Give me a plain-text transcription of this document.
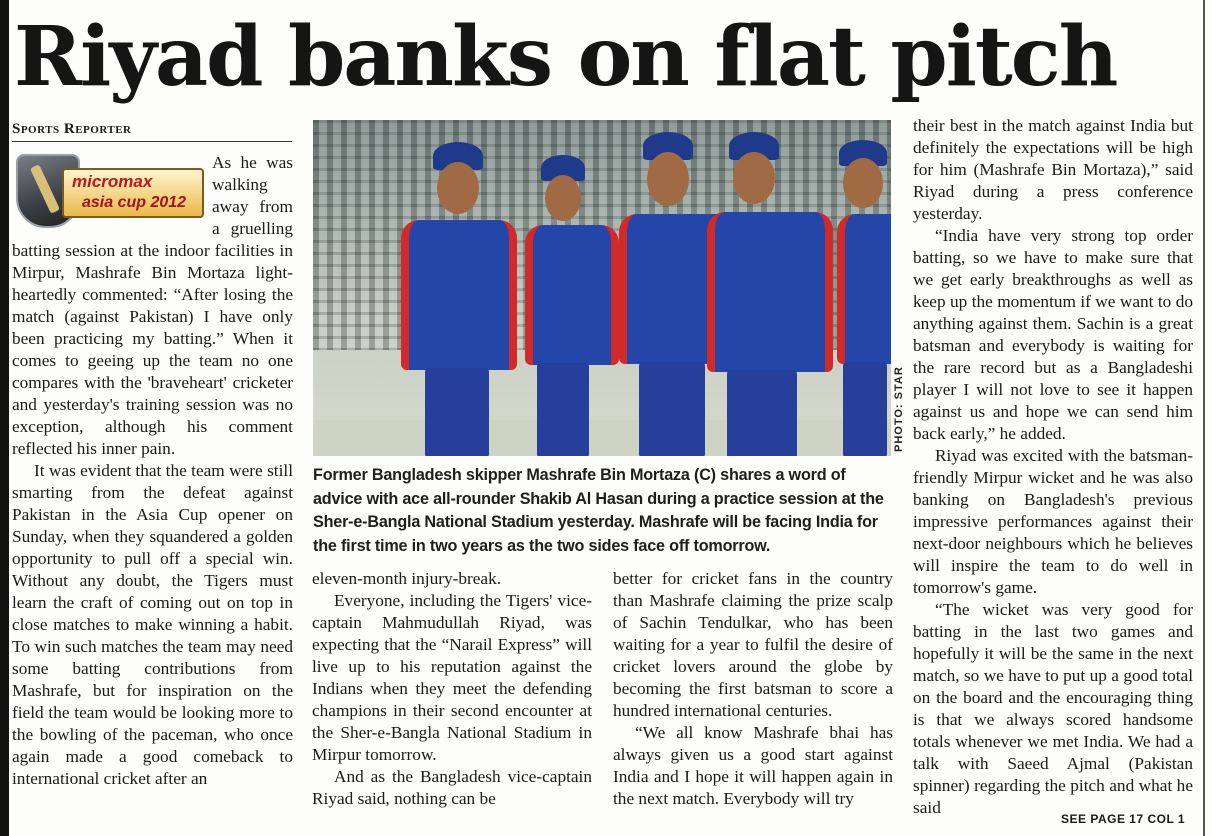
Riyad banks on flat pitch
Sports Reporter
micromax
asia cup 2012

As he was walking away from a gruelling batting session at the indoor facilities in Mirpur, Mashrafe Bin Mortaza light-heartedly commented: “After losing the match (against Pakistan) I have only been practicing my batting.” When it comes to geeing up the team no one compares with the 'braveheart' cricketer and yesterday's training session was no exception, although his comment reflected his inner pain.

It was evident that the team were still smarting from the defeat against Pakistan in the Asia Cup opener on Sunday, when they squandered a golden opportunity to pull off a special win. Without any doubt, the Tigers must learn the craft of coming out on top in close matches to make winning a habit. To win such matches the team may need some batting contributions from Mashrafe, but for inspiration on the field the team would be looking more to the bowling of the paceman, who once again made a good comeback to international cricket after an

PHOTO: STAR
Former Bangladesh skipper Mashrafe Bin Mortaza (C) shares a word of advice with ace all-rounder Shakib Al Hasan during a practice session at the Sher-e-Bangla National Stadium yesterday. Mashrafe will be facing India for the first time in two years as the two sides face off tomorrow.

eleven-month injury-break.

Everyone, including the Tigers' vice-captain Mahmudullah Riyad, was expecting that the “Narail Express” will live up to his reputation against the Indians when they meet the defending champions in their second encounter at the Sher-e-Bangla National Stadium in Mirpur tomorrow.

And as the Bangladesh vice-captain Riyad said, nothing can be

better for cricket fans in the country than Mashrafe claiming the prize scalp of Sachin Tendulkar, who has been waiting for a year to fulfil the desire of cricket lovers around the globe by becoming the first batsman to score a hundred international centuries.

“We all know Mashrafe bhai has always given us a good start against India and I hope it will happen again in the next match. Everybody will try

their best in the match against India but definitely the expectations will be high for him (Mashrafe Bin Mortaza),” said Riyad during a press conference yesterday.

“India have very strong top order batting, so we have to make sure that we get early breakthroughs as well as keep up the momentum if we want to do anything against them. Sachin is a great batsman and everybody is waiting for the rare record but as a Bangladeshi player I will not love to see it happen against us and hope we can send him back early,” he added.

Riyad was excited with the batsman-friendly Mirpur wicket and he was also banking on Bangladesh's previous impressive performances against their next-door neighbours which he believes will inspire the team to do well in tomorrow's game.

“The wicket was very good for batting in the last two games and hopefully it will be the same in the next match, so we have to put up a good total on the board and the encouraging thing is that we always scored handsome totals whenever we met India. We had a talk with Saeed Ajmal (Pakistan spinner) regarding the pitch and what he said

SEE PAGE 17 COL 1
